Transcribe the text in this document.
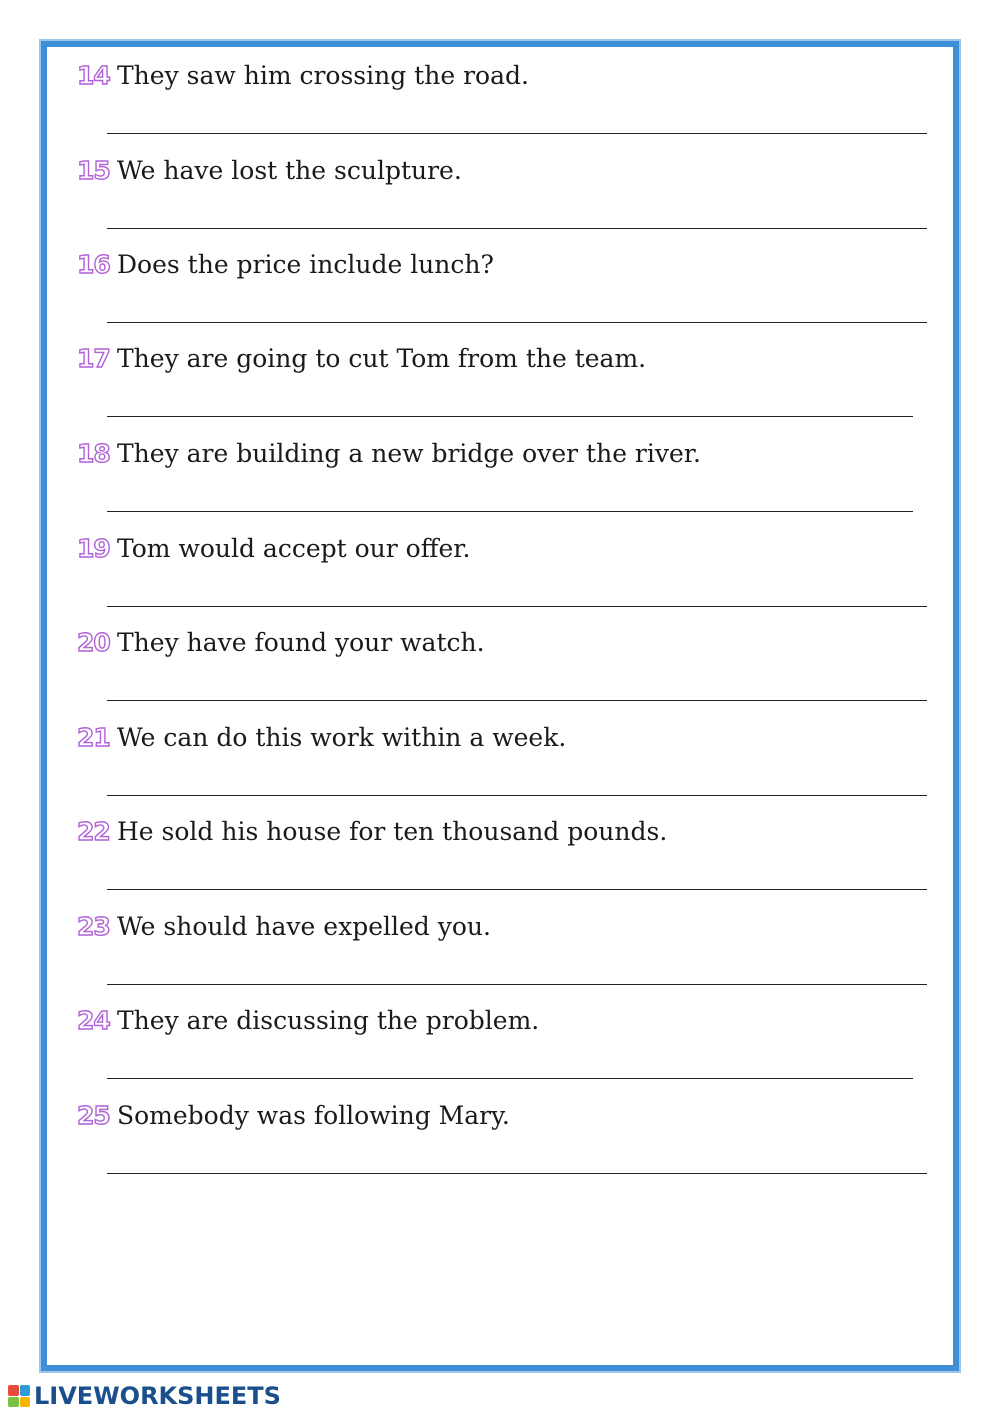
14 They saw him crossing the road.
15 We have lost the sculpture.
16 Does the price include lunch?
17 They are going to cut Tom from the team.
18 They are building a new bridge over the river.
19 Tom would accept our offer.
20 They have found your watch.
21 We can do this work within a week.
22 He sold his house for ten thousand pounds.
23 We should have expelled you.
24 They are discussing the problem.
25 Somebody was following Mary.
LIVEWORKSHEETS
